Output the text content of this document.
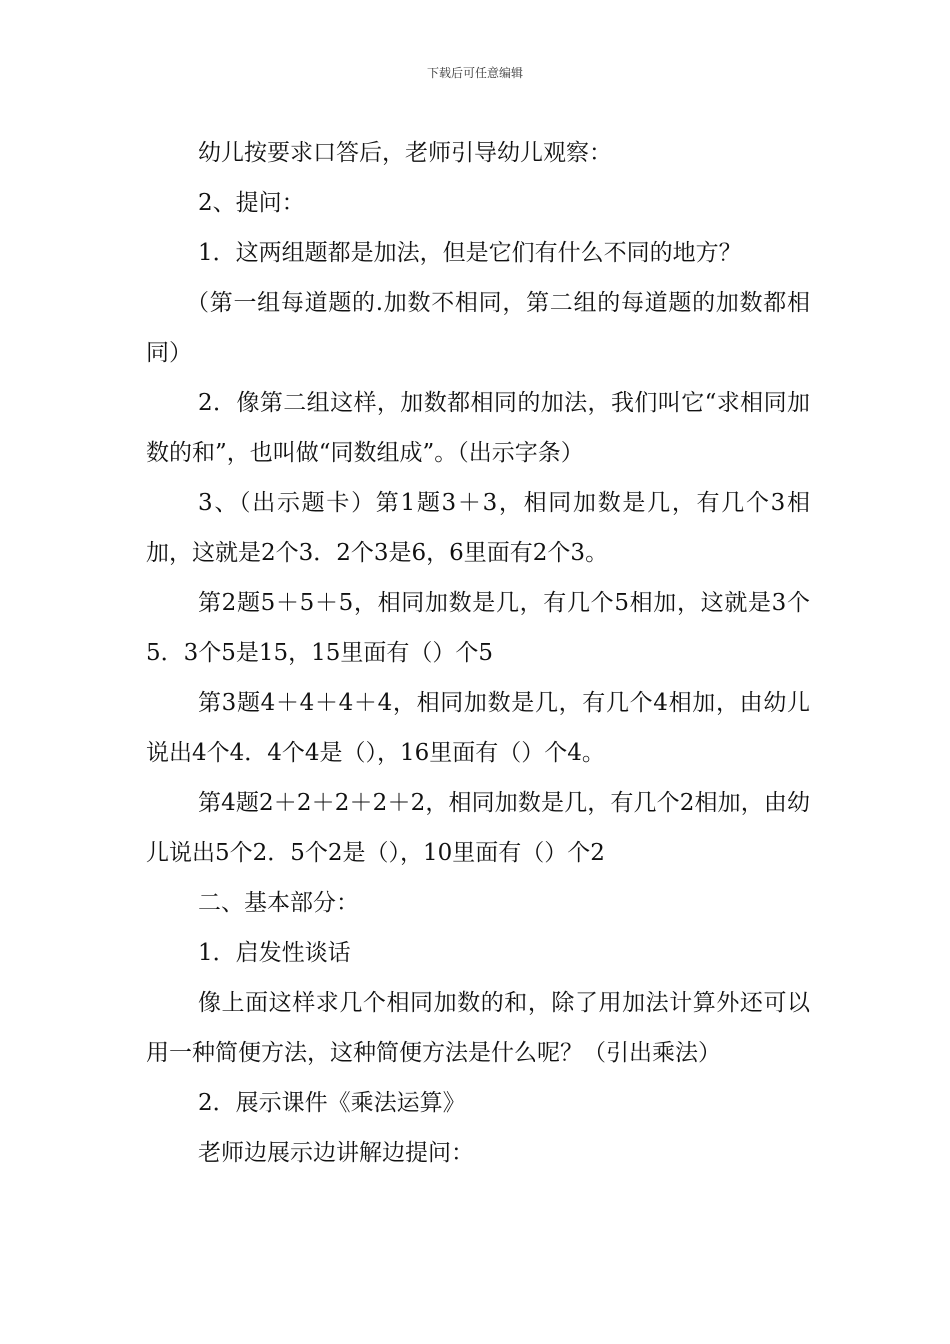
下载后可任意编辑

幼儿按要求口答后，老师引导幼儿观察：

2、提问：

1．这两组题都是加法，但是它们有什么不同的地方？

（第一组每道题的.加数不相同，第二组的每道题的加数都相同）

2．像第二组这样，加数都相同的加法，我们叫它“求相同加数的和”，也叫做“同数组成”。（出示字条）

3、（出示题卡）第1题3＋3，相同加数是几，有几个3相加，这就是2个3．2个3是6，6里面有2个3。

第2题5＋5＋5，相同加数是几，有几个5相加，这就是3个5．3个5是15，15里面有（）个5

第3题4＋4＋4＋4，相同加数是几，有几个4相加，由幼儿说出4个4．4个4是（），16里面有（）个4。

第4题2＋2＋2＋2＋2，相同加数是几，有几个2相加，由幼儿说出5个2．5个2是（），10里面有（）个2

二、基本部分：

1．启发性谈话

像上面这样求几个相同加数的和，除了用加法计算外还可以用一种简便方法，这种简便方法是什么呢？（引出乘法）

2．展示课件《乘法运算》

老师边展示边讲解边提问：
